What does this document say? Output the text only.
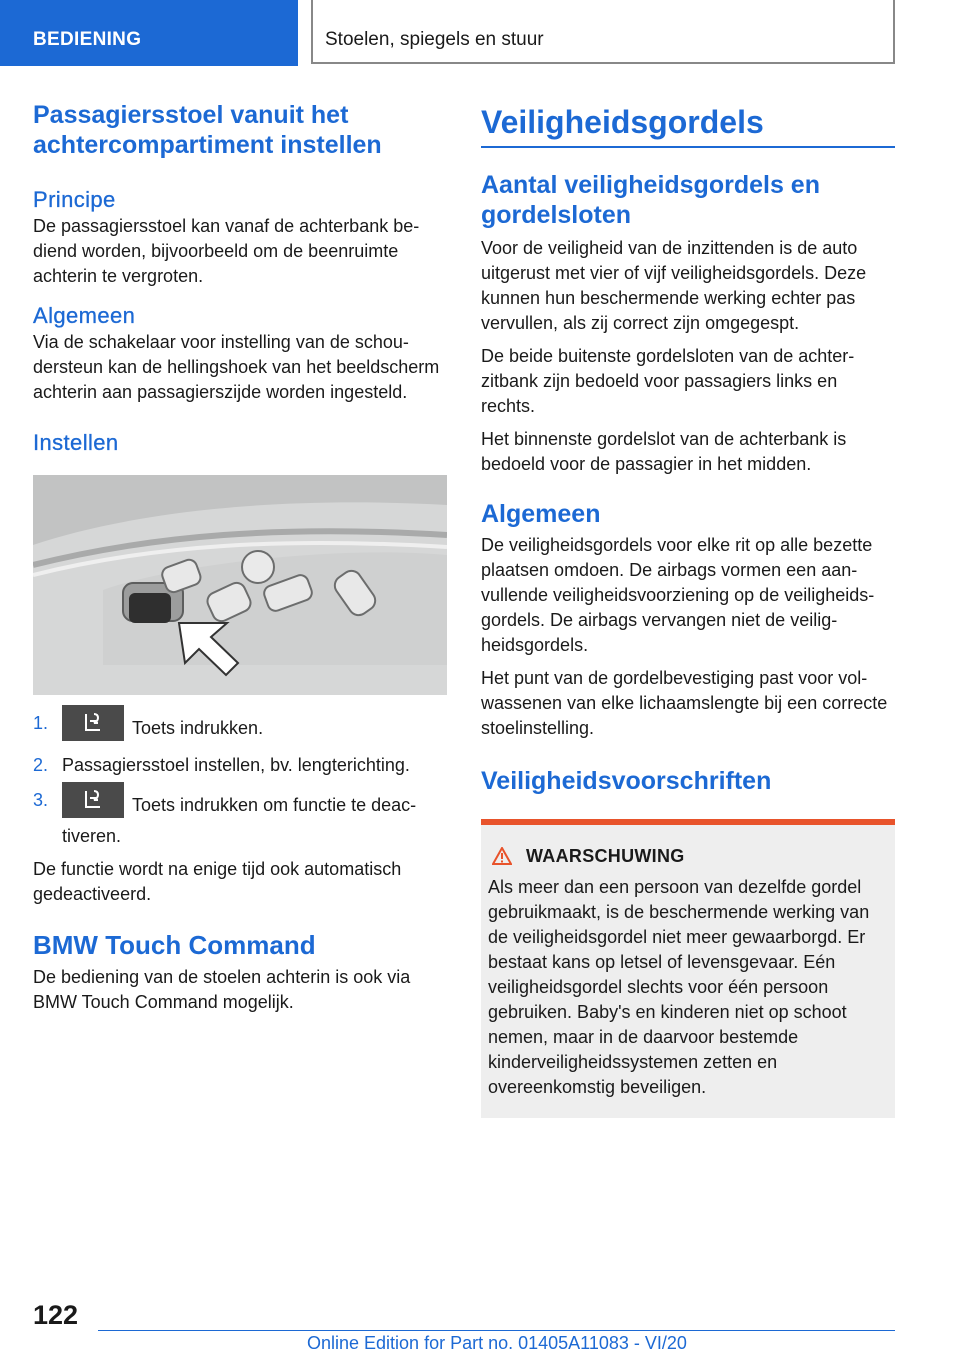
BEDIENING	Stoelen, spiegels en stuur
Passagiersstoel vanuit het achtercompartiment instellen
Principe

De passagiersstoel kan vanaf de achterbank bediend worden, bijvoorbeeld om de beenruimte achterin te vergroten.

Algemeen

Via de schakelaar voor instelling van de schoudersteun kan de hellingshoek van het beeldscherm achterin aan passagierszijde worden ingesteld.

Instellen
1.	Toets indrukken.
2. Passagiersstoel instellen, bv. lengterichting.
3.	Toets indrukken om functie te deactiveren.

De functie wordt na enige tijd ook automatisch gedeactiveerd.

BMW Touch Command

De bediening van de stoelen achterin is ook via BMW Touch Command mogelijk.

Veiligheidsgordels
Aantal veiligheidsgordels en gordelsloten

Voor de veiligheid van de inzittenden is de auto uitgerust met vier of vijf veiligheidsgordels. Deze kunnen hun beschermende werking echter pas vervullen, als zij correct zijn omgegespt.

De beide buitenste gordelsloten van de achterzitbank zijn bedoeld voor passagiers links en rechts.

Het binnenste gordelslot van de achterbank is bedoeld voor de passagier in het midden.

Algemeen

De veiligheidsgordels voor elke rit op alle bezette plaatsen omdoen. De airbags vormen een aanvullende veiligheidsvoorziening op de veiligheidsgordels. De airbags vervangen niet de veiligheidsgordels.

Het punt van de gordelbevestiging past voor volwassenen van elke lichaamslengte bij een correcte stoelinstelling.

Veiligheidsvoorschriften
WAARSCHUWING

Als meer dan een persoon van dezelfde gordel gebruikmaakt, is de beschermende werking van de veiligheidsgordel niet meer gewaarborgd. Er bestaat kans op letsel of levensgevaar. Eén veiligheidsgordel slechts voor één persoon gebruiken. Baby's en kinderen niet op schoot nemen, maar in de daarvoor bestemde kinderveiligheidssystemen zetten en overeenkomstig beveiligen.

122
Online Edition for Part no. 01405A11083 - VI/20
